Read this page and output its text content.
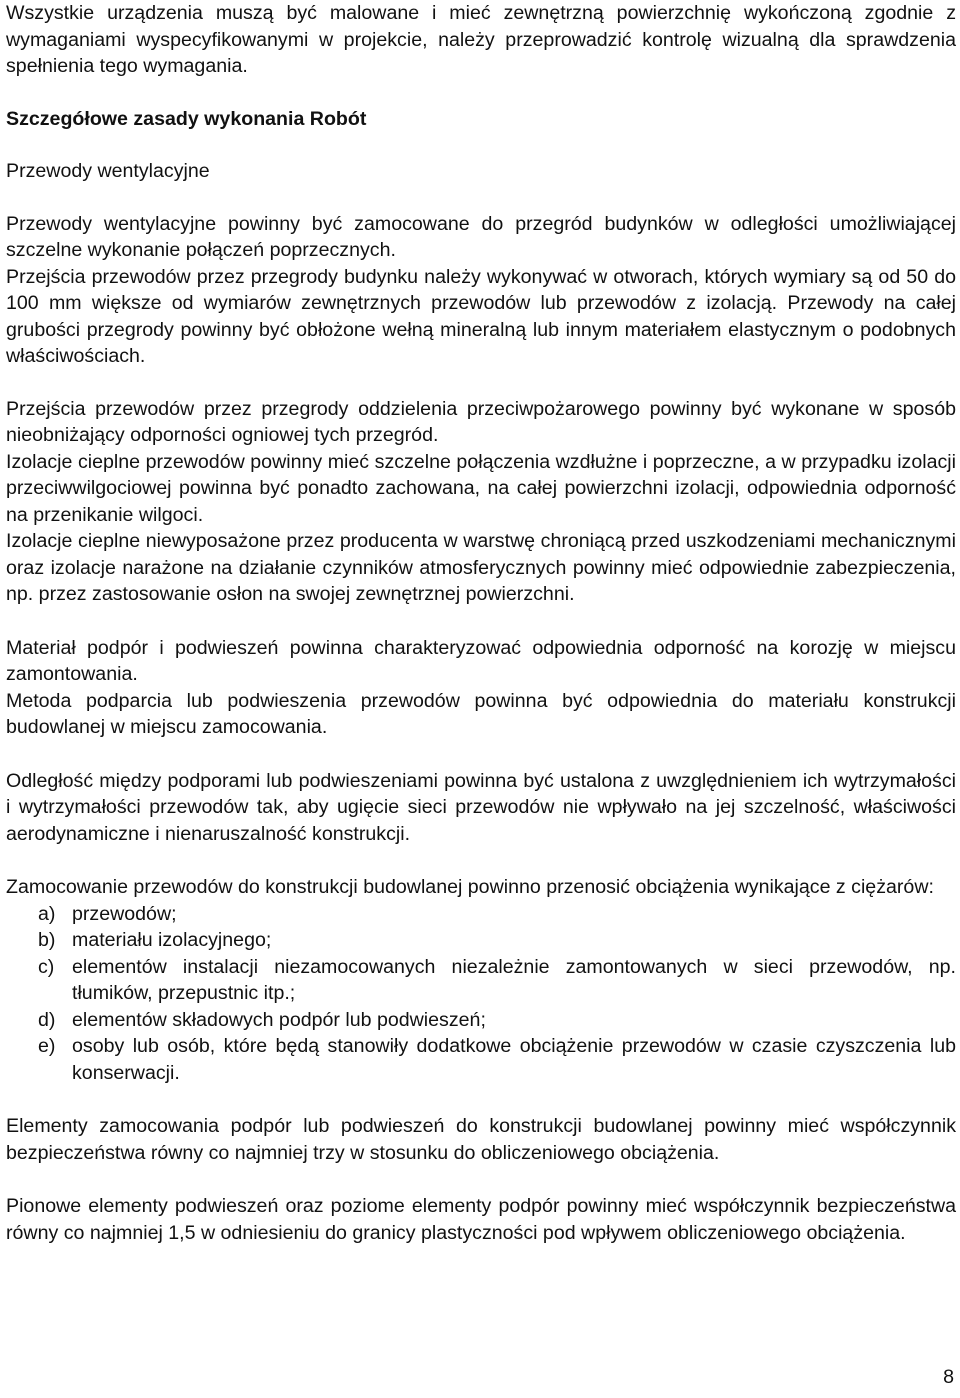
Wszystkie urządzenia muszą być malowane i mieć zewnętrzną powierzchnię wykończoną zgodnie z wymaganiami wyspecyfikowanymi w projekcie, należy przeprowadzić kontrolę wizualną dla sprawdzenia spełnienia tego wymagania.

Szczegółowe zasady wykonania Robót

Przewody wentylacyjne

Przewody wentylacyjne powinny być zamocowane do przegród budynków w odległości umożliwiającej szczelne wykonanie połączeń poprzecznych.

Przejścia przewodów przez przegrody budynku należy wykonywać w otworach, których wymiary są od 50 do 100 mm większe od wymiarów zewnętrznych przewodów lub przewodów z izolacją. Przewody na całej grubości przegrody powinny być obłożone wełną mineralną lub innym materiałem elastycznym o podobnych właściwościach.

Przejścia przewodów przez przegrody oddzielenia przeciwpożarowego powinny być wykonane w sposób nieobniżający odporności ogniowej tych przegród.

Izolacje cieplne przewodów powinny mieć szczelne połączenia wzdłużne i poprzeczne, a w przypadku izolacji przeciwwilgociowej powinna być ponadto zachowana, na całej powierzchni izolacji, odpowiednia odporność na przenikanie wilgoci.

Izolacje cieplne niewyposażone przez producenta w warstwę chroniącą przed uszkodzeniami mechanicznymi oraz izolacje narażone na działanie czynników atmosferycznych powinny mieć odpowiednie zabezpieczenia, np. przez zastosowanie osłon na swojej zewnętrznej powierzchni.

Materiał podpór i podwieszeń powinna charakteryzować odpowiednia odporność na korozję w miejscu zamontowania.

Metoda podparcia lub podwieszenia przewodów powinna być odpowiednia do materiału konstrukcji budowlanej w miejscu zamocowania.

Odległość między podporami lub podwieszeniami powinna być ustalona z uwzględnieniem ich wytrzymałości i wytrzymałości przewodów tak, aby ugięcie sieci przewodów nie wpływało na jej szczelność, właściwości aerodynamiczne i nienaruszalność konstrukcji.

Zamocowanie przewodów do konstrukcji budowlanej powinno przenosić obciążenia wynikające z ciężarów:

a) przewodów;
b) materiału izolacyjnego;
c) elementów instalacji niezamocowanych niezależnie zamontowanych w sieci przewodów, np. tłumików, przepustnic itp.;
d) elementów składowych podpór lub podwieszeń;
e) osoby lub osób, które będą stanowiły dodatkowe obciążenie przewodów w czasie czyszczenia lub konserwacji.

Elementy zamocowania podpór lub podwieszeń do konstrukcji budowlanej powinny mieć współczynnik bezpieczeństwa równy co najmniej trzy w stosunku do obliczeniowego obciążenia.

Pionowe elementy podwieszeń oraz poziome elementy podpór powinny mieć współczynnik bezpieczeństwa równy co najmniej 1,5 w odniesieniu do granicy plastyczności pod wpływem obliczeniowego obciążenia.

8
